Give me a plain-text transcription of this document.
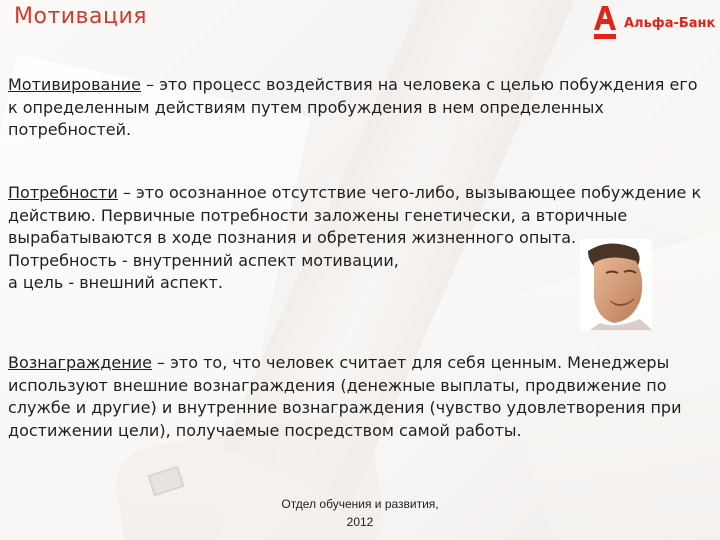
Мотивация	Альфа-Банк

Мотивирование – это процесс воздействия на человека с целью побуждения его к определенным действиям путем пробуждения в нем определенных потребностей.

Потребности – это осознанное отсутствие чего-либо, вызывающее побуждение к действию. Первичные потребности заложены генетически, а вторичные вырабатываются в ходе познания и обретения жизненного опыта.
Потребность - внутренний аспект мотивации,
а цель - внешний аспект.

Вознаграждение – это то, что человек считает для себя ценным. Менеджеры используют внешние вознаграждения (денежные выплаты, продвижение по службе и другие) и внутренние вознаграждения (чувство удовлетворения при достижении цели), получаемые посредством самой работы.

Отдел обучения и развития,
2012
